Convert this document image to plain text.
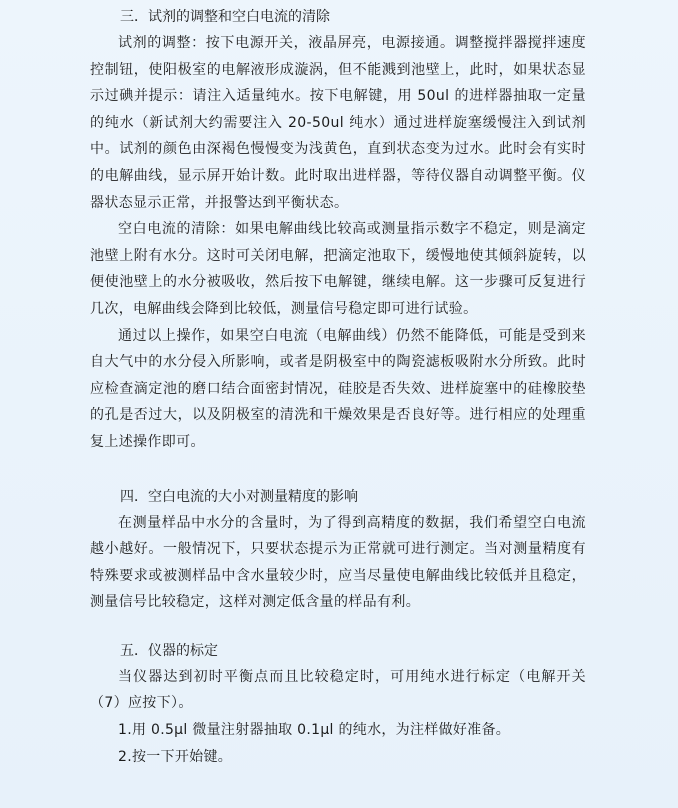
三．试剂的调整和空白电流的清除

试剂的调整：按下电源开关，液晶屏亮，电源接通。调整搅拌器搅拌速度控制钮，使阳极室的电解液形成漩涡，但不能溅到池壁上，此时，如果状态显示过碘并提示：请注入适量纯水。按下电解键，用 50ul 的进样器抽取一定量的纯水（新试剂大约需要注入 20-50ul 纯水）通过进样旋塞缓慢注入到试剂中。试剂的颜色由深褐色慢慢变为浅黄色，直到状态变为过水。此时会有实时的电解曲线，显示屏开始计数。此时取出进样器，等待仪器自动调整平衡。仪器状态显示正常，并报警达到平衡状态。

空白电流的清除：如果电解曲线比较高或测量指示数字不稳定，则是滴定池壁上附有水分。这时可关闭电解，把滴定池取下，缓慢地使其倾斜旋转，以便使池壁上的水分被吸收，然后按下电解键，继续电解。这一步骤可反复进行几次，电解曲线会降到比较低，测量信号稳定即可进行试验。

通过以上操作，如果空白电流（电解曲线）仍然不能降低，可能是受到来自大气中的水分侵入所影响，或者是阴极室中的陶瓷滤板吸附水分所致。此时应检查滴定池的磨口结合面密封情况，硅胶是否失效、进样旋塞中的硅橡胶垫的孔是否过大，以及阴极室的清洗和干燥效果是否良好等。进行相应的处理重复上述操作即可。

四．空白电流的大小对测量精度的影响

在测量样品中水分的含量时，为了得到高精度的数据，我们希望空白电流越小越好。一般情况下，只要状态提示为正常就可进行测定。当对测量精度有特殊要求或被测样品中含水量较少时，应当尽量使电解曲线比较低并且稳定，测量信号比较稳定，这样对测定低含量的样品有利。

五．仪器的标定

当仪器达到初时平衡点而且比较稳定时，可用纯水进行标定（电解开关（7）应按下）。

1.用 0.5μl 微量注射器抽取 0.1μl 的纯水，为注样做好准备。
2.按一下开始键。
